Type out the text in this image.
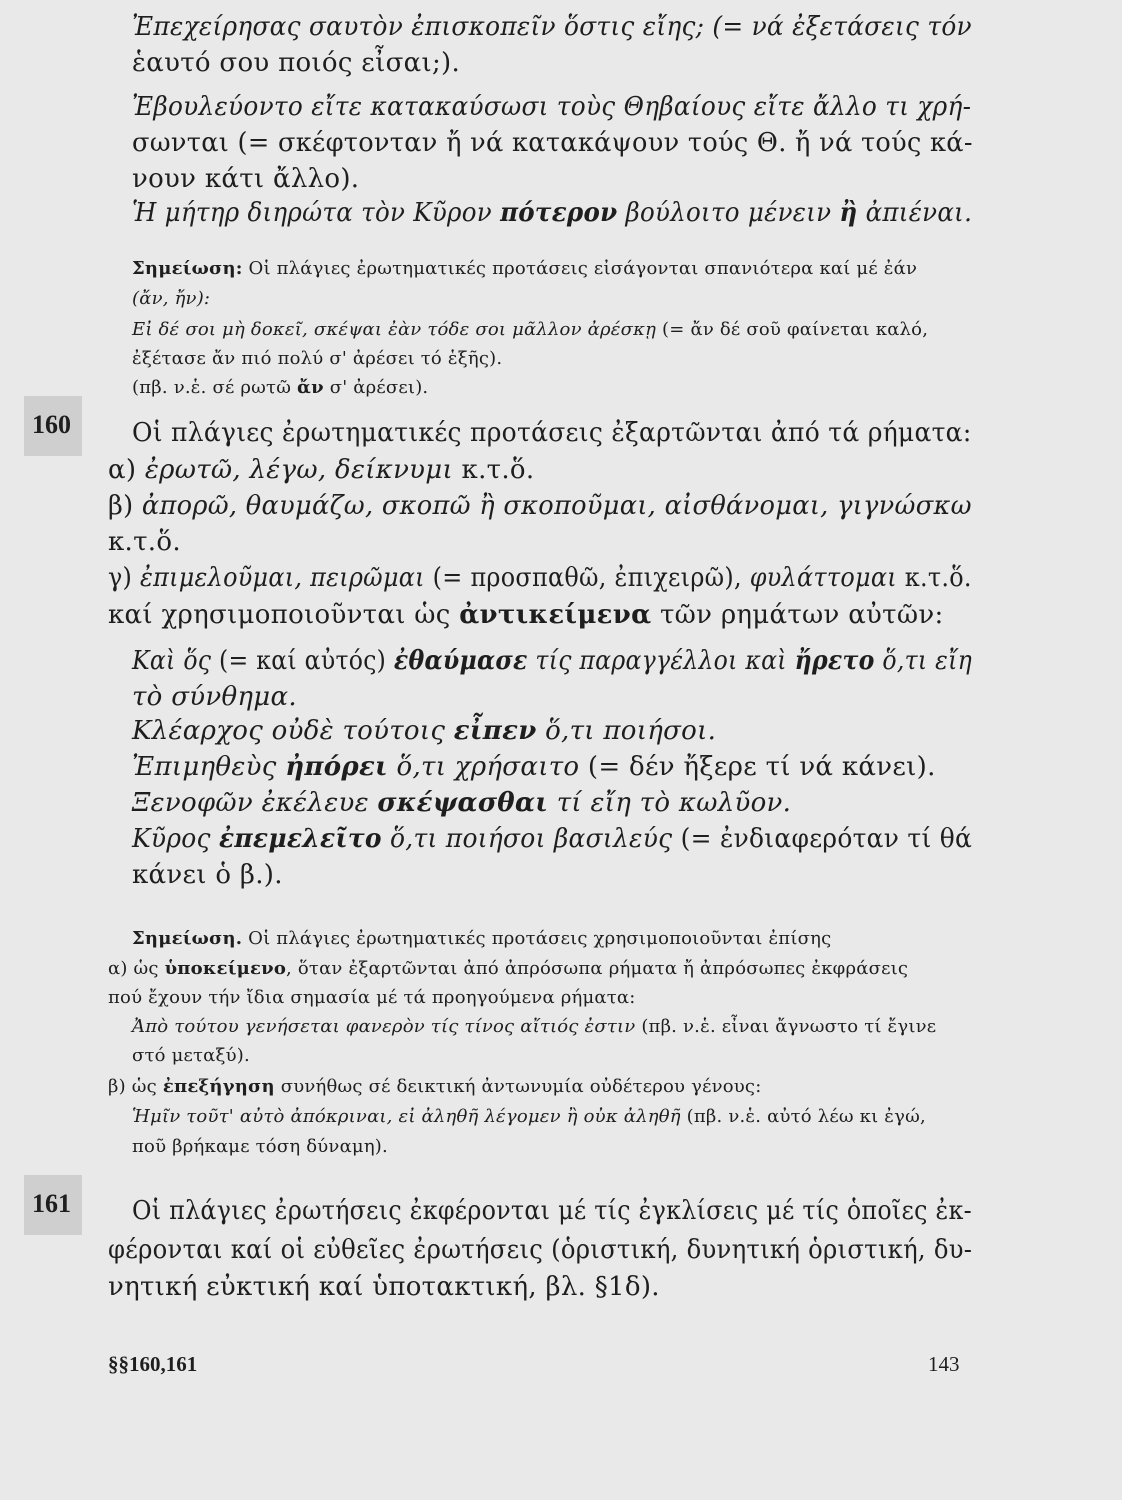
Ἐπεχείρησας σαυτὸν ἐπισκοπεῖν ὅστις εἴης; (= νά ἐξετάσεις τόν
ἑαυτό σου ποιός εἶσαι;).
Ἐβουλεύοντο εἴτε κατακαύσωσι τοὺς Θηβαίους εἴτε ἄλλο τι χρή-
σωνται (= σκέφτονταν ἤ νά κατακάψουν τούς Θ. ἤ νά τούς κά-
νουν κάτι ἄλλο).
Ἡ μήτηρ διηρώτα τὸν Κῦρον πότερον βούλοιτο μένειν ἢ ἀπιέναι.
Σημείωση: Οἱ πλάγιες ἐρωτηματικές προτάσεις εἰσάγονται σπανιότερα καί μέ ἐάν
(ἄν, ἤν):
Εἰ δέ σοι μὴ δοκεῖ, σκέψαι ἐὰν τόδε σοι μᾶλλον ἀρέσκῃ (= ἄν δέ σοῦ φαίνεται καλό,
ἐξέτασε ἄν πιό πολύ σ' ἀρέσει τό ἑξῆς).
(πβ. ν.ἑ. σέ ρωτῶ ἄν σ' ἀρέσει).
160 Οἱ πλάγιες ἐρωτηματικές προτάσεις ἐξαρτῶνται ἀπό τά ρήματα:
α) ἐρωτῶ, λέγω, δείκνυμι κ.τ.ὅ.
β) ἀπορῶ, θαυμάζω, σκοπῶ ἢ σκοποῦμαι, αἰσθάνομαι, γιγνώσκω
κ.τ.ὅ.
γ) ἐπιμελοῦμαι, πειρῶμαι (= προσπαθῶ, ἐπιχειρῶ), φυλάττομαι κ.τ.ὅ.
καί χρησιμοποιοῦνται ὡς ἀντικείμενα τῶν ρημάτων αὐτῶν:
Καὶ ὅς (= καί αὐτός) ἐθαύμασε τίς παραγγέλλοι καὶ ἤρετο ὅ,τι εἴη
τὸ σύνθημα.
Κλέαρχος οὐδὲ τούτοις εἶπεν ὅ,τι ποιήσοι.
Ἐπιμηθεὺς ἠπόρει ὅ,τι χρήσαιτο (= δέν ἤξερε τί νά κάνει).
Ξενοφῶν ἐκέλευε σκέψασθαι τί εἴη τὸ κωλῦον.
Κῦρος ἐπεμελεῖτο ὅ,τι ποιήσοι βασιλεύς (= ἐνδιαφερόταν τί θά
κάνει ὁ β.).
Σημείωση. Οἱ πλάγιες ἐρωτηματικές προτάσεις χρησιμοποιοῦνται ἐπίσης
α) ὡς ὑποκείμενο, ὅταν ἐξαρτῶνται ἀπό ἀπρόσωπα ρήματα ἤ ἀπρόσωπες ἐκφράσεις
πού ἔχουν τήν ἴδια σημασία μέ τά προηγούμενα ρήματα:
Ἀπὸ τούτου γενήσεται φανερὸν τίς τίνος αἴτιός ἐστιν (πβ. ν.ἑ. εἶναι ἄγνωστο τί ἔγινε
στό μεταξύ).
β) ὡς ἐπεξήγηση συνήθως σέ δεικτική ἀντωνυμία οὐδέτερου γένους:
Ἡμῖν τοῦτ' αὐτὸ ἀπόκριναι, εἰ ἀληθῆ λέγομεν ἢ οὐκ ἀληθῆ (πβ. ν.ἑ. αὐτό λέω κι ἐγώ,
ποῦ βρήκαμε τόση δύναμη).
161 Οἱ πλάγιες ἐρωτήσεις ἐκφέρονται μέ τίς ἐγκλίσεις μέ τίς ὁποῖες ἐκ-
φέρονται καί οἱ εὐθεῖες ἐρωτήσεις (ὁριστική, δυνητική ὁριστική, δυ-
νητική εὐκτική καί ὑποτακτική, βλ. §1δ).
§§160,161	143
